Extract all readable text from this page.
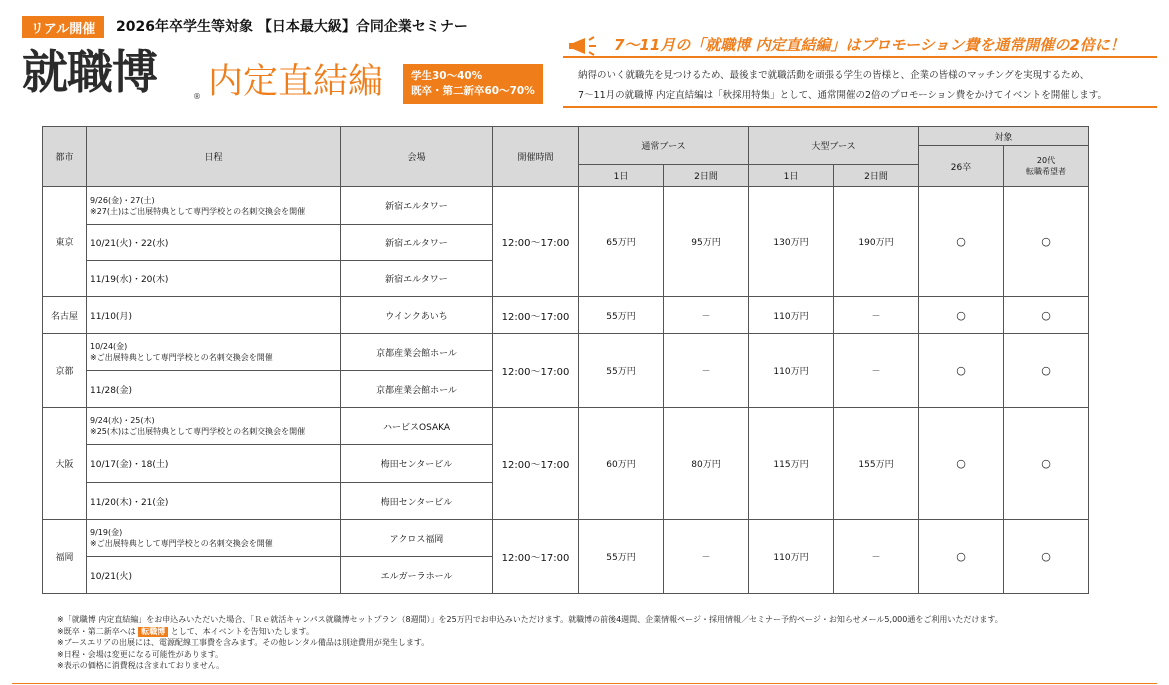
リアル開催	2026年卒学生等対象 【日本最大級】合同企業セミナー
就職博	® 内定直結編	学生30～40%
既卒・第二新卒60～70%
7～11月の「就職博 内定直結編」はプロモーション費を通常開催の2倍に！
納得のいく就職先を見つけるため、最後まで就職活動を頑張る学生の皆様と、企業の皆様のマッチングを実現するため、
7～11月の就職博 内定直結編は「秋採用特集」として、通常開催の2倍のプロモーション費をかけてイベントを開催します。
都市	日程	会場	開催時間	通常ブース		大型ブース		対象	
								26卒	20代
転職希望者

				1日	2日間	1日	2日間		
東京	9/26(金)・27(土)
※27(土)はご出展特典として専門学校との名刺交換会を開催	新宿エルタワー	12:00～17:00	65万円	95万円	130万円	190万円	○	○
	10/21(火)・22(水)	新宿エルタワー							
	11/19(水)・20(木)	新宿エルタワー							
名古屋	11/10(月)	ウインクあいち	12:00～17:00	55万円	－	110万円	－	○	○
京都	10/24(金)
※ご出展特典として専門学校との名刺交換会を開催	京都産業会館ホール	12:00～17:00	55万円	－	110万円	－	○	○
	11/28(金)	京都産業会館ホール							
大阪	9/24(水)・25(木)
※25(木)はご出展特典として専門学校との名刺交換会を開催	ハービスOSAKA	12:00～17:00	60万円	80万円	115万円	155万円	○	○
	10/17(金)・18(土)	梅田センタービル							
	11/20(木)・21(金)	梅田センタービル							
福岡	9/19(金)
※ご出展特典として専門学校との名刺交換会を開催	アクロス福岡	12:00～17:00	55万円	－	110万円	－	○	○
	10/21(火)	エルガーラホール							
※「就職博 内定直結編」をお申込みいただいた場合、「Ｒｅ就活キャンパス就職博セットプラン（8週間）」を25万円でお申込みいただけます。就職博の前後4週間、企業情報ページ・採用情報／セミナー予約ページ・お知らせメール5,000通をご利用いただけます。
※既卒・第二新卒へは 転職博 として、本イベントを告知いたします。
※ブースエリアの出展には、電源配線工事費を含みます。その他レンタル備品は別途費用が発生します。
※日程・会場は変更になる可能性があります。
※表示の価格に消費税は含まれておりません。
